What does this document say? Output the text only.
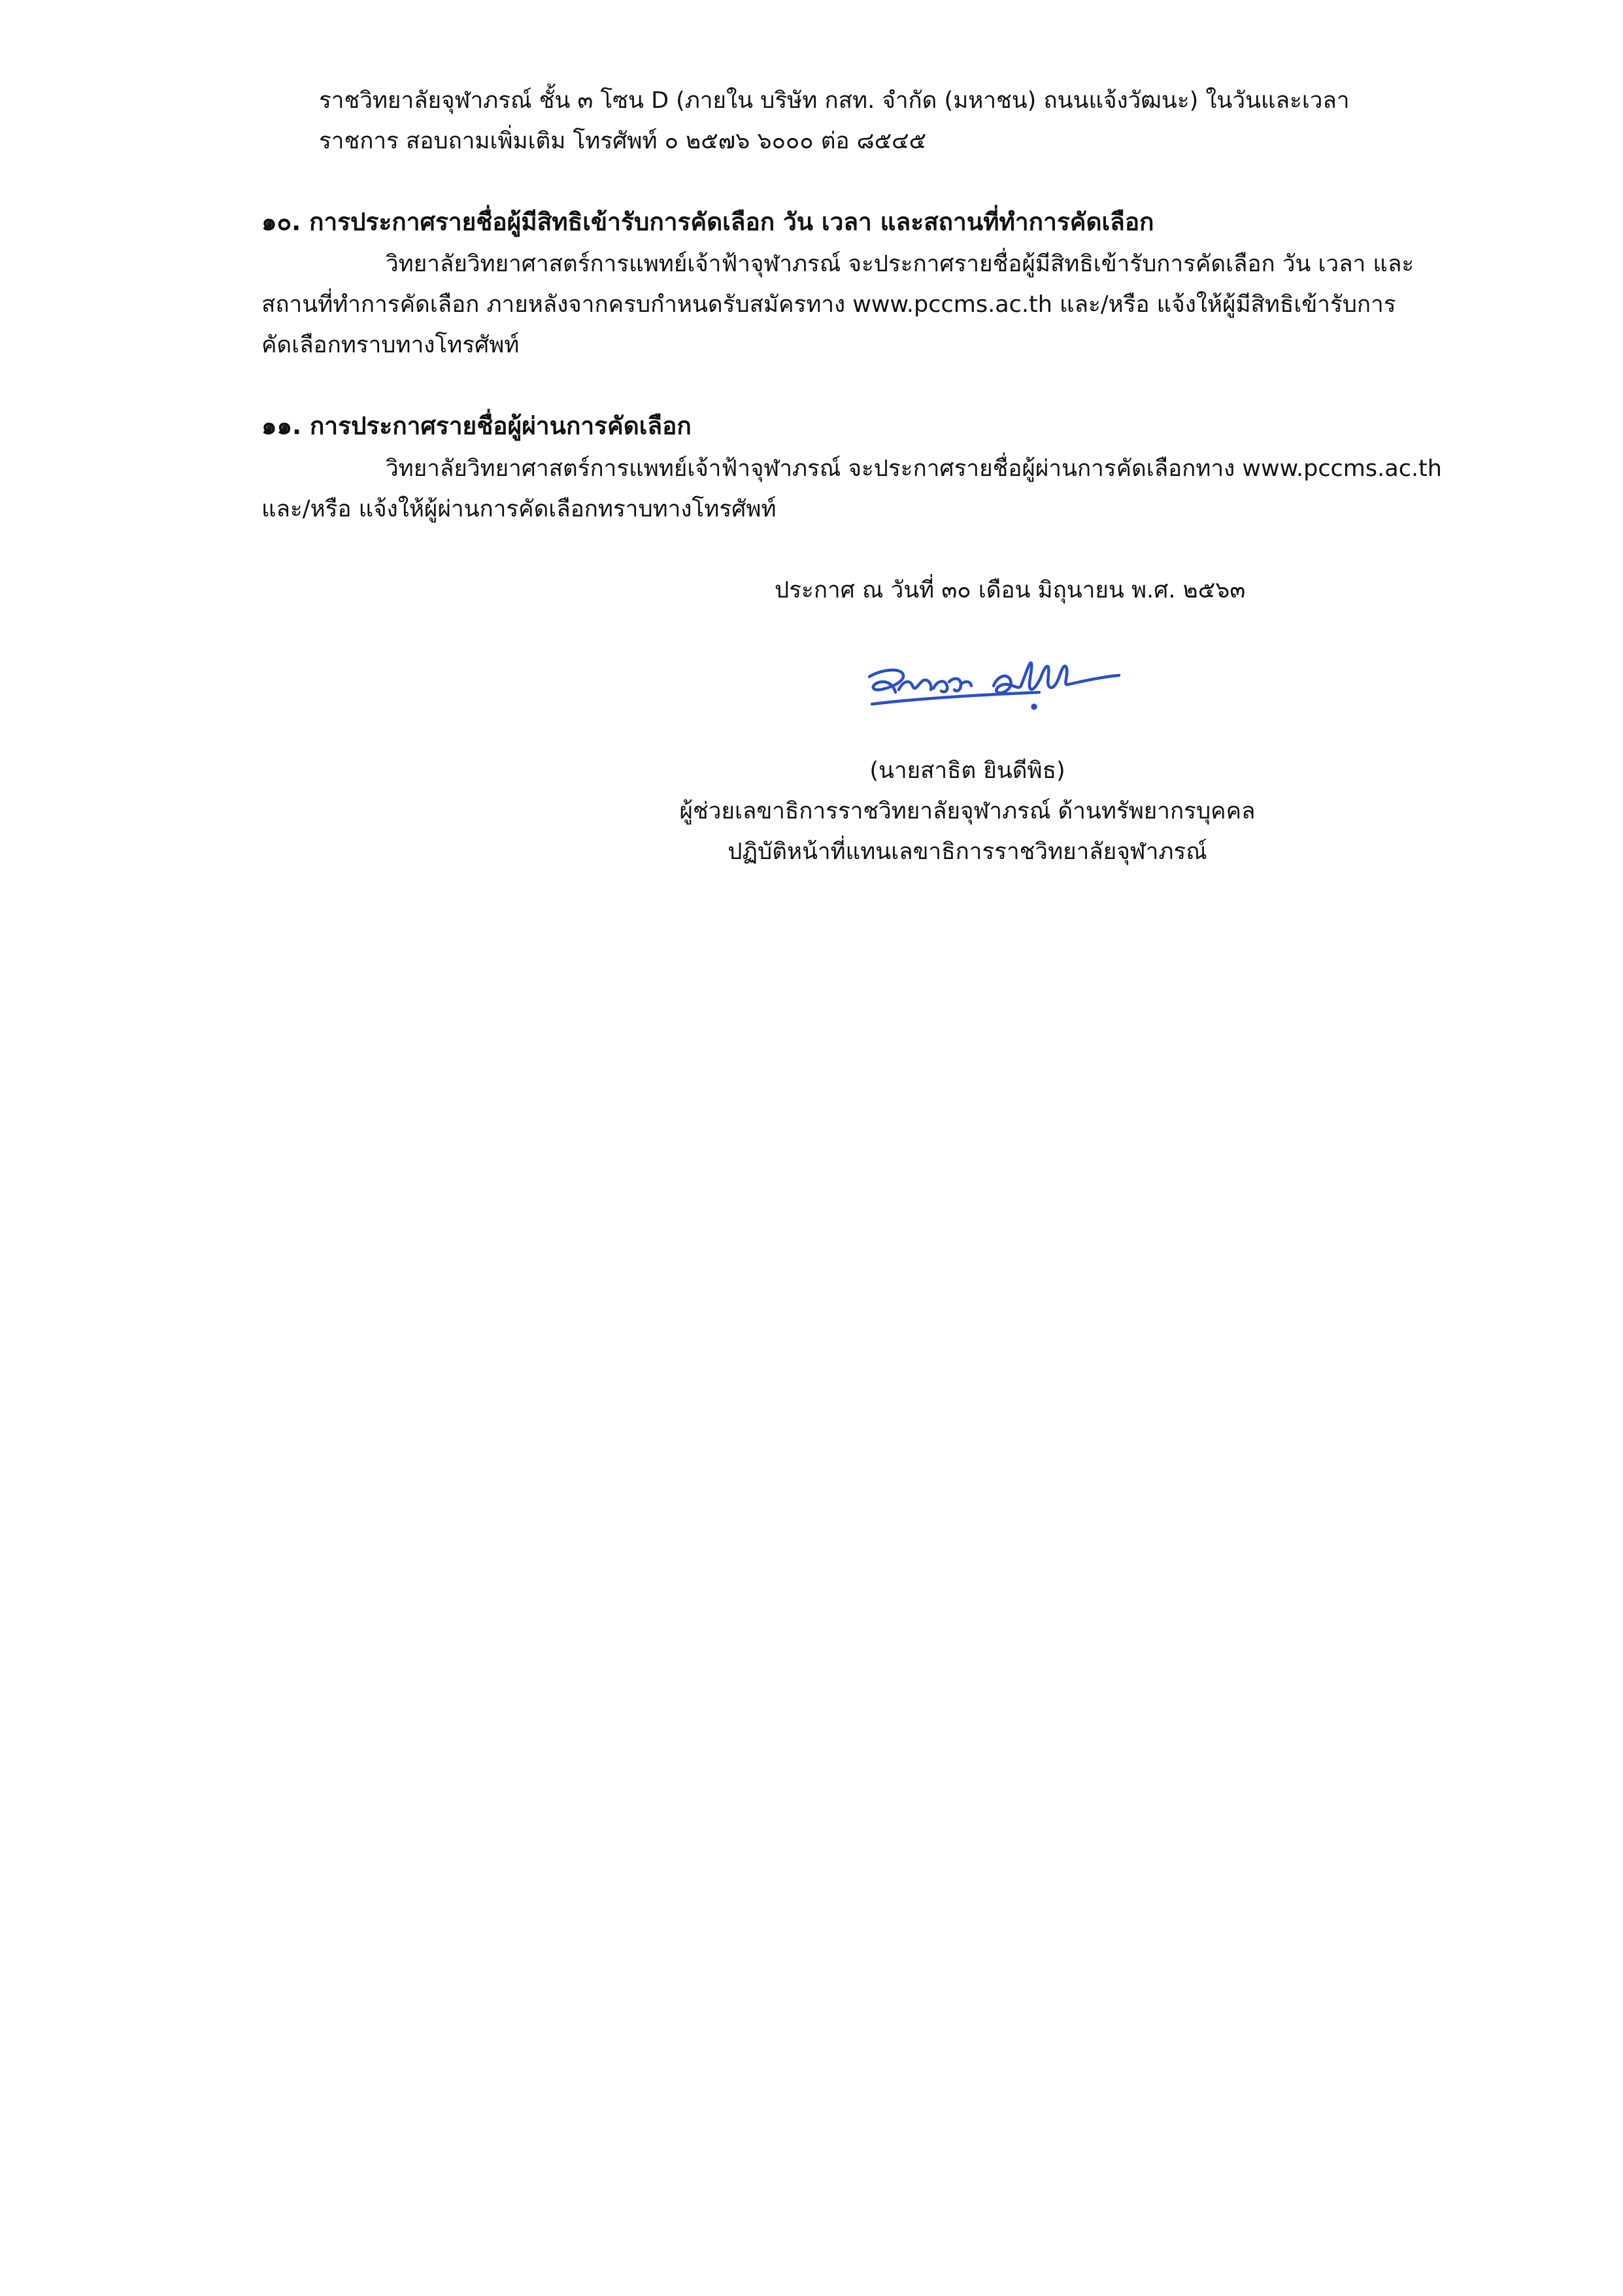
ราชวิทยาลัยจุฬาภรณ์ ชั้น ๓ โซน D (ภายใน บริษัท กสท. จำกัด (มหาชน) ถนนแจ้งวัฒนะ) ในวันและเวลา
ราชการ สอบถามเพิ่มเติม โทรศัพท์ ๐ ๒๕๗๖ ๖๐๐๐ ต่อ ๘๕๔๕
๑๐. การประกาศรายชื่อผู้มีสิทธิเข้ารับการคัดเลือก วัน เวลา และสถานที่ทำการคัดเลือก
วิทยาลัยวิทยาศาสตร์การแพทย์เจ้าฟ้าจุฬาภรณ์ จะประกาศรายชื่อผู้มีสิทธิเข้ารับการคัดเลือก วัน เวลา และ
สถานที่ทำการคัดเลือก ภายหลังจากครบกำหนดรับสมัครทาง www.pccms.ac.th และ/หรือ แจ้งให้ผู้มีสิทธิเข้ารับการ
คัดเลือกทราบทางโทรศัพท์
๑๑. การประกาศรายชื่อผู้ผ่านการคัดเลือก
วิทยาลัยวิทยาศาสตร์การแพทย์เจ้าฟ้าจุฬาภรณ์ จะประกาศรายชื่อผู้ผ่านการคัดเลือกทาง www.pccms.ac.th
และ/หรือ แจ้งให้ผู้ผ่านการคัดเลือกทราบทางโทรศัพท์
ประกาศ ณ วันที่ ๓๐ เดือน มิถุนายน พ.ศ. ๒๕๖๓
(นายสาธิต ยินดีพิธ)
ผู้ช่วยเลขาธิการราชวิทยาลัยจุฬาภรณ์ ด้านทรัพยากรบุคคล
ปฏิบัติหน้าที่แทนเลขาธิการราชวิทยาลัยจุฬาภรณ์
